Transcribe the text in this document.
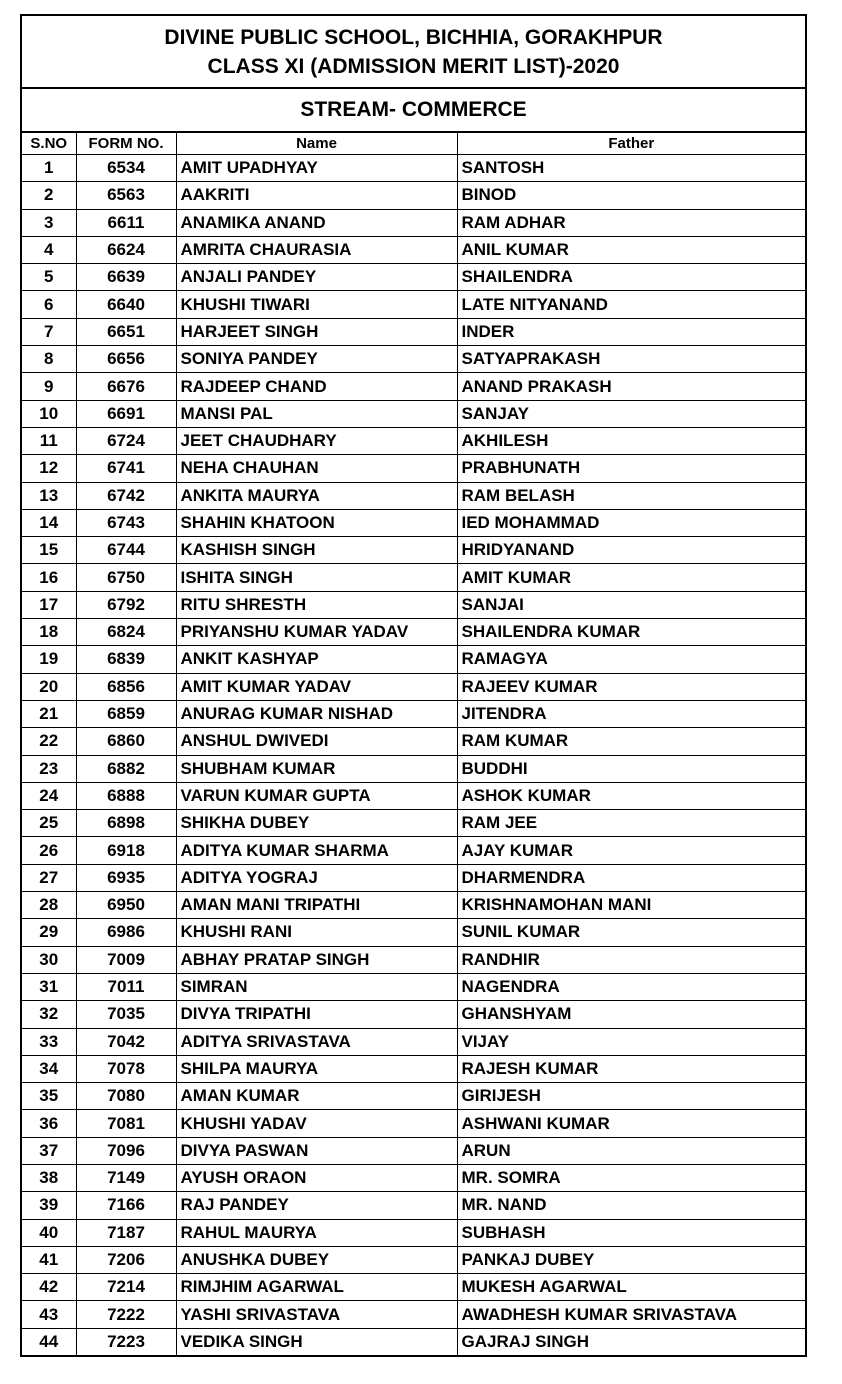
DIVINE PUBLIC SCHOOL, BICHHIA, GORAKHPUR
CLASS XI (ADMISSION MERIT LIST)-2020
STREAM- COMMERCE
S.NO	FORM NO.	Name	Father
1	6534	AMIT UPADHYAY	SANTOSH
2	6563	AAKRITI	BINOD
3	6611	ANAMIKA ANAND	RAM ADHAR
4	6624	AMRITA CHAURASIA	ANIL KUMAR
5	6639	ANJALI PANDEY	SHAILENDRA
6	6640	KHUSHI TIWARI	LATE NITYANAND
7	6651	HARJEET SINGH	INDER
8	6656	SONIYA PANDEY	SATYAPRAKASH
9	6676	RAJDEEP CHAND	ANAND PRAKASH
10	6691	MANSI PAL	SANJAY
11	6724	JEET CHAUDHARY	AKHILESH
12	6741	NEHA CHAUHAN	PRABHUNATH
13	6742	ANKITA MAURYA	RAM BELASH
14	6743	SHAHIN KHATOON	IED MOHAMMAD
15	6744	KASHISH SINGH	HRIDYANAND
16	6750	ISHITA SINGH	AMIT KUMAR
17	6792	RITU SHRESTH	SANJAI
18	6824	PRIYANSHU KUMAR YADAV	SHAILENDRA KUMAR
19	6839	ANKIT KASHYAP	RAMAGYA
20	6856	AMIT KUMAR YADAV	RAJEEV KUMAR
21	6859	ANURAG KUMAR NISHAD	JITENDRA
22	6860	ANSHUL DWIVEDI	RAM KUMAR
23	6882	SHUBHAM KUMAR	BUDDHI
24	6888	VARUN KUMAR GUPTA	ASHOK KUMAR
25	6898	SHIKHA DUBEY	RAM JEE
26	6918	ADITYA KUMAR SHARMA	AJAY KUMAR
27	6935	ADITYA YOGRAJ	DHARMENDRA
28	6950	AMAN MANI TRIPATHI	KRISHNAMOHAN MANI
29	6986	KHUSHI RANI	SUNIL KUMAR
30	7009	ABHAY PRATAP SINGH	RANDHIR
31	7011	SIMRAN	NAGENDRA
32	7035	DIVYA TRIPATHI	GHANSHYAM
33	7042	ADITYA SRIVASTAVA	VIJAY
34	7078	SHILPA MAURYA	RAJESH KUMAR
35	7080	AMAN KUMAR	GIRIJESH
36	7081	KHUSHI YADAV	ASHWANI KUMAR
37	7096	DIVYA PASWAN	ARUN
38	7149	AYUSH ORAON	MR. SOMRA
39	7166	RAJ PANDEY	MR. NAND
40	7187	RAHUL MAURYA	SUBHASH
41	7206	ANUSHKA DUBEY	PANKAJ DUBEY
42	7214	RIMJHIM AGARWAL	MUKESH AGARWAL
43	7222	YASHI SRIVASTAVA	AWADHESH KUMAR SRIVASTAVA
44	7223	VEDIKA SINGH	GAJRAJ SINGH
